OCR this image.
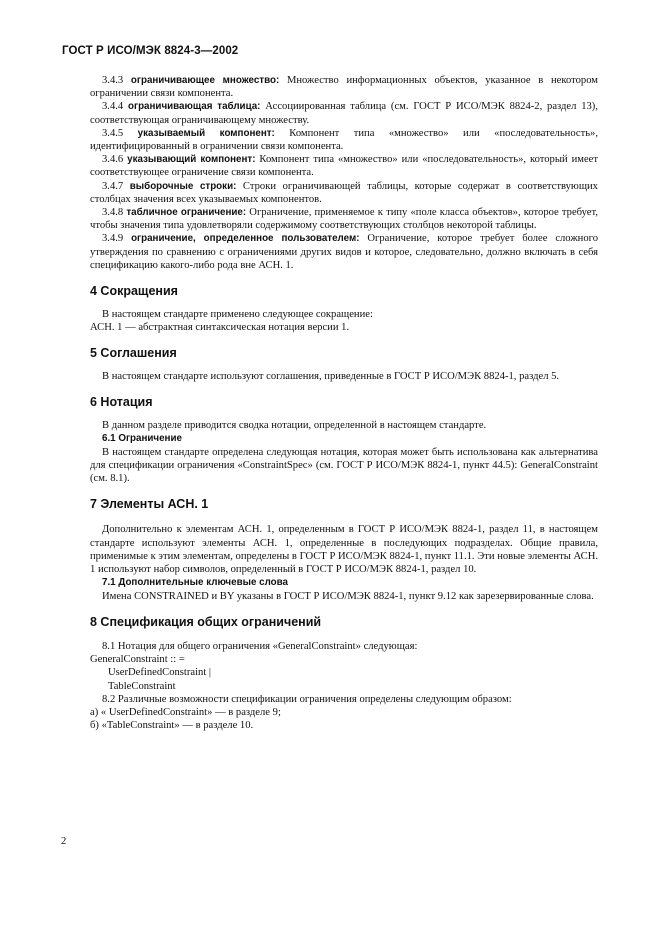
ГОСТ Р ИСО/МЭК 8824-3—2002

3.4.3 ограничивающее множество: Множество информационных объектов, указанное в некотором ограничении связи компонента.

3.4.4 ограничивающая таблица: Ассоциированная таблица (см. ГОСТ Р ИСО/МЭК 8824-2, раздел 13), соответствующая ограничивающему множеству.

3.4.5 указываемый компонент: Компонент типа «множество» или «последовательность», идентифицированный в ограничении связи компонента.

3.4.6 указывающий компонент: Компонент типа «множество» или «последовательность», который имеет соответствующее ограничение связи компонента.

3.4.7 выборочные строки: Строки ограничивающей таблицы, которые содержат в соответствующих столбцах значения всех указываемых компонентов.

3.4.8 табличное ограничение: Ограничение, применяемое к типу «поле класса объектов», которое требует, чтобы значения типа удовлетворяли содержимому соответствующих столбцов некоторой таблицы.

3.4.9 ограничение, определенное пользователем: Ограничение, которое требует более сложного утверждения по сравнению с ограничениями других видов и которое, следовательно, должно включать в себя спецификацию какого-либо рода вне АСН. 1.

4 Сокращения

В настоящем стандарте применено следующее сокращение:

АСН. 1 — абстрактная синтаксическая нотация версии 1.

5 Соглашения

В настоящем стандарте используют соглашения, приведенные в ГОСТ Р ИСО/МЭК 8824-1, раздел 5.

6 Нотация

В данном разделе приводится сводка нотации, определенной в настоящем стандарте.

6.1 Ограничение

В настоящем стандарте определена следующая нотация, которая может быть использована как альтернатива для спецификации ограничения «ConstraintSpec» (см. ГОСТ Р ИСО/МЭК 8824-1, пункт 44.5): GeneralConstraint (см. 8.1).

7 Элементы АСН. 1

Дополнительно к элементам АСН. 1, определенным в ГОСТ Р ИСО/МЭК 8824-1, раздел 11, в настоящем стандарте используют элементы АСН. 1, определенные в последующих подразделах. Общие правила, применимые к этим элементам, определены в ГОСТ Р ИСО/МЭК 8824-1, пункт 11.1. Эти новые элементы АСН. 1 используют набор символов, определенный в ГОСТ Р ИСО/МЭК 8824-1, раздел 10.

7.1 Дополнительные ключевые слова

Имена CONSTRAINED и BY указаны в ГОСТ Р ИСО/МЭК 8824-1, пункт 9.12 как зарезервированные слова.

8 Спецификация общих ограничений

8.1 Нотация для общего ограничения «GeneralConstraint» следующая:

GeneralConstraint :: =

UserDefinedConstraint |

TableConstraint

8.2 Различные возможности спецификации ограничения определены следующим образом:

а) « UserDefinedConstraint» — в разделе 9;

б) «TableConstraint» — в разделе 10.

2
